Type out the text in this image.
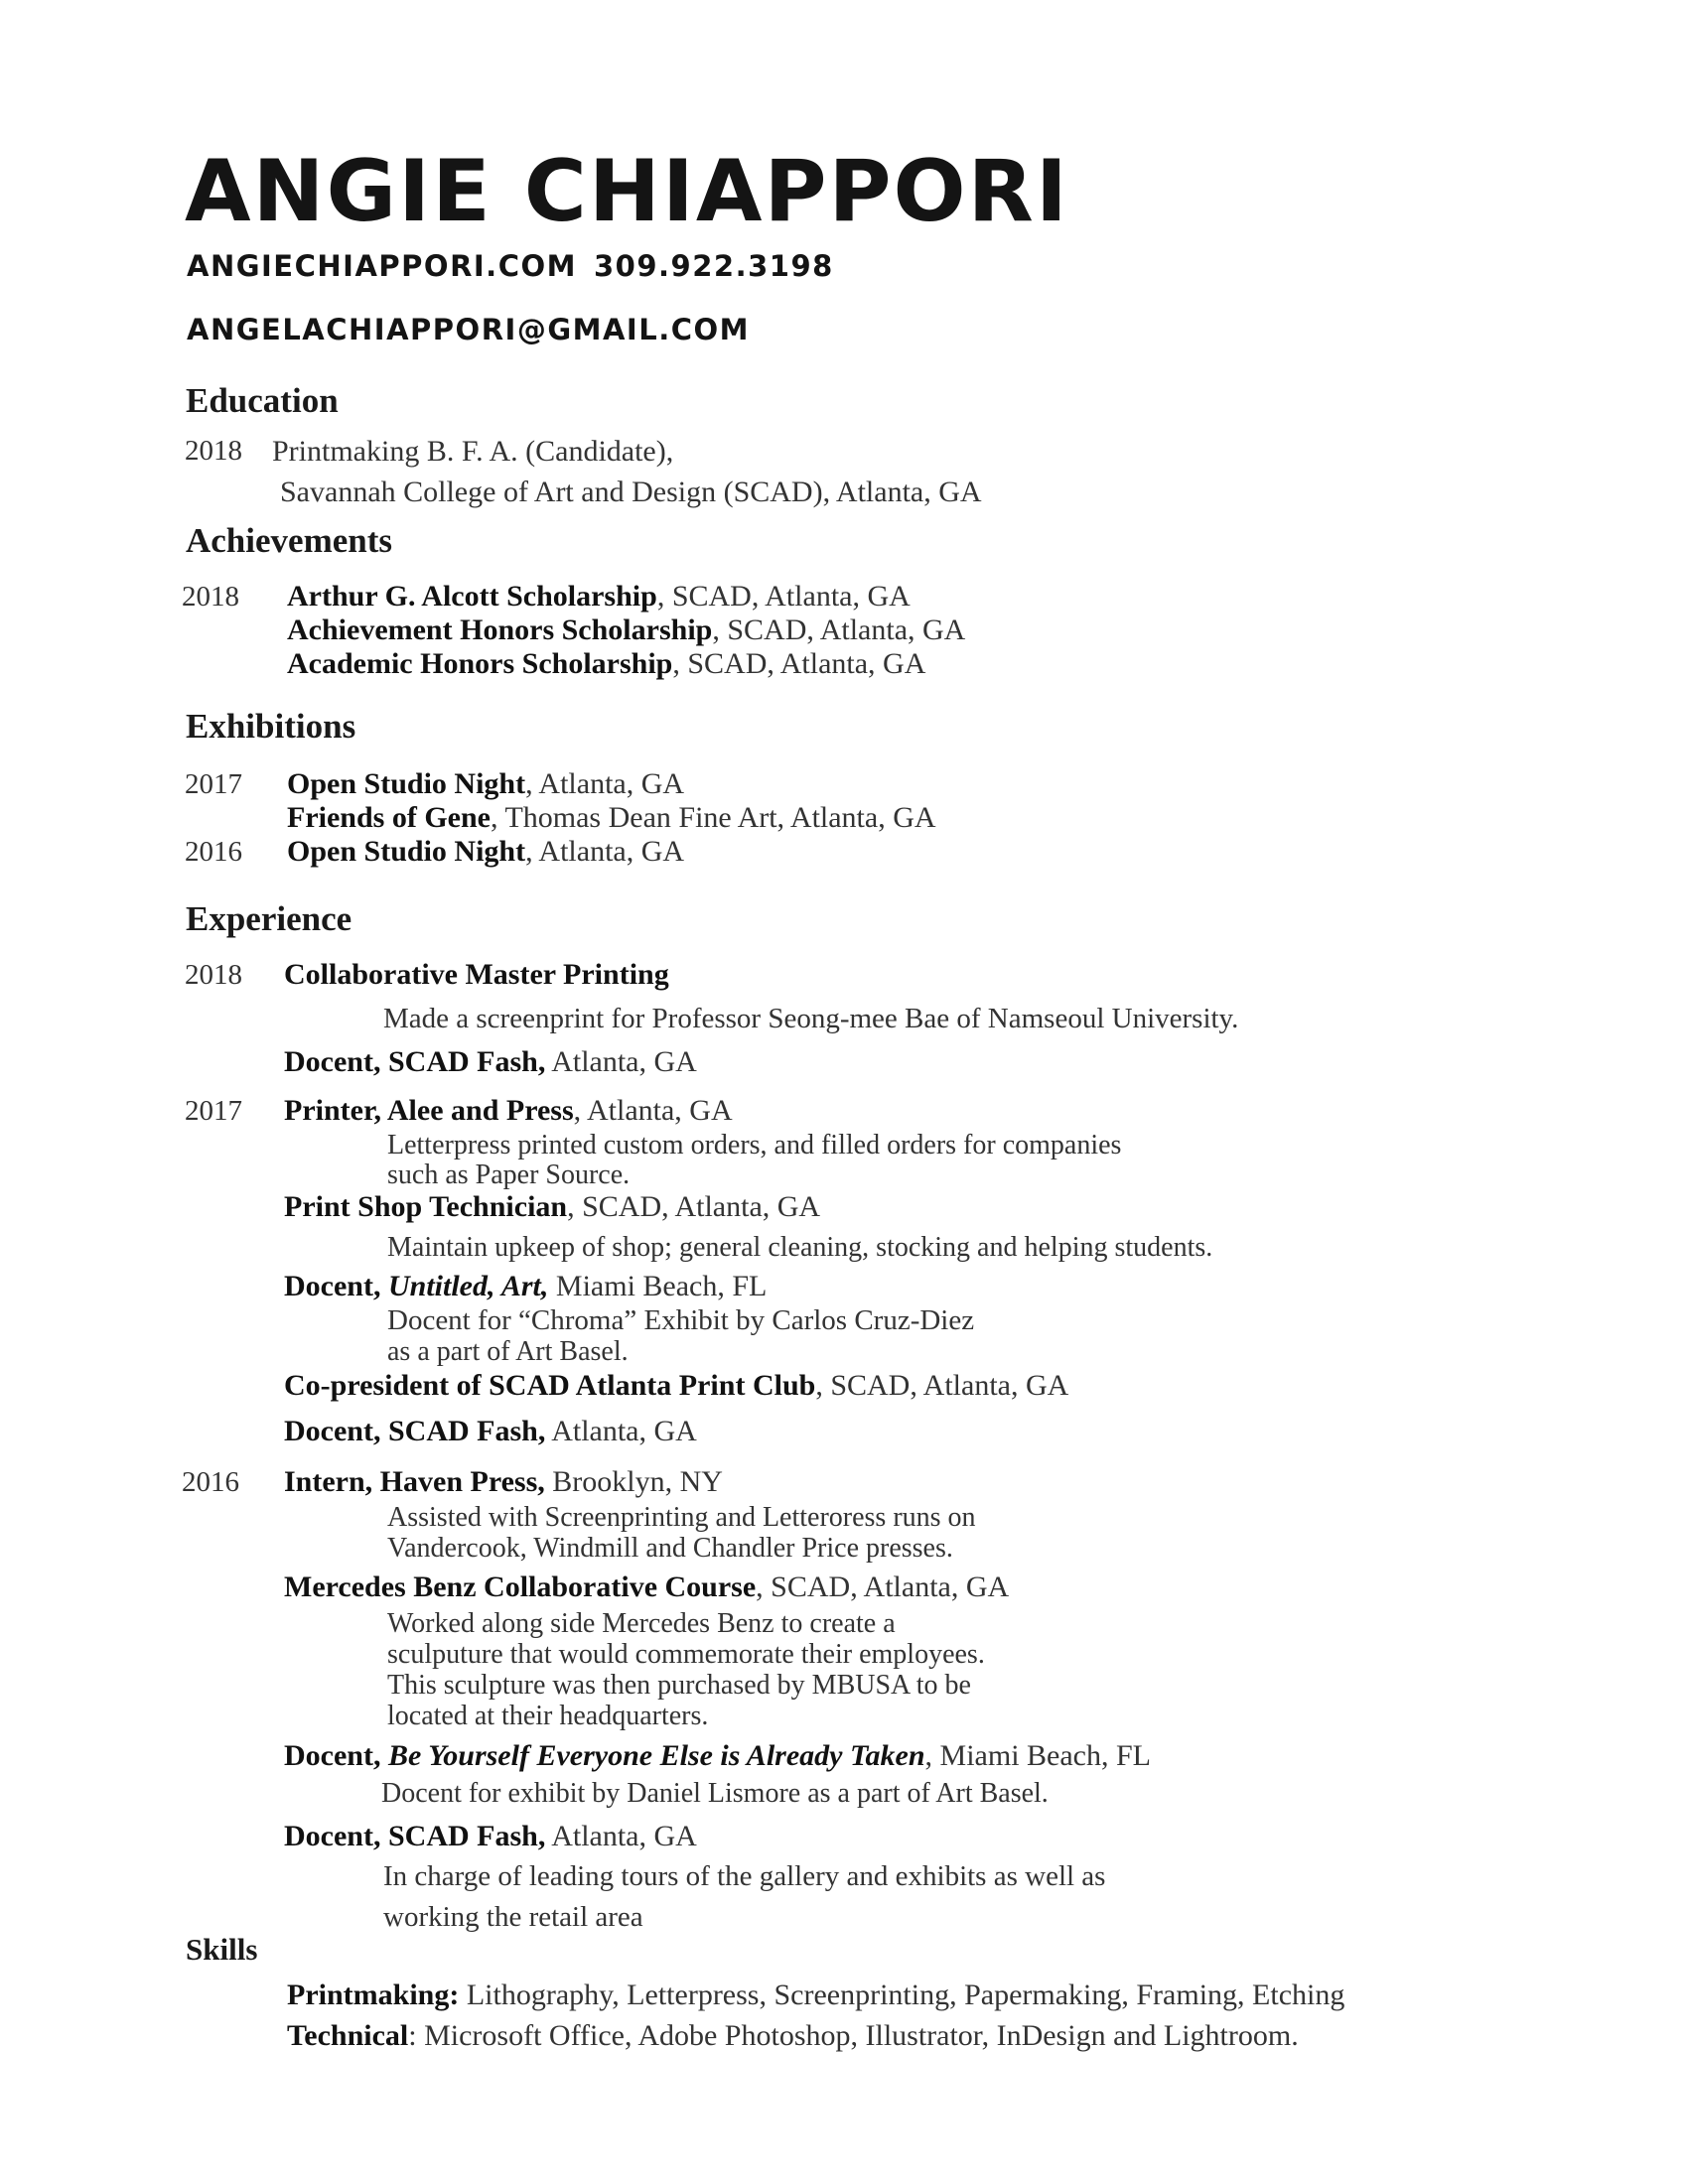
ANGIE CHIAPPORI
ANGIECHIAPPORI.COM 309.922.3198
ANGELACHIAPPORI@GMAIL.COM
Education
2018 Printmaking B. F. A. (Candidate),
Savannah College of Art and Design (SCAD), Atlanta, GA
Achievements
2018 Arthur G. Alcott Scholarship, SCAD, Atlanta, GA
Achievement Honors Scholarship, SCAD, Atlanta, GA
Academic Honors Scholarship, SCAD, Atlanta, GA
Exhibitions
2017 Open Studio Night, Atlanta, GA
Friends of Gene, Thomas Dean Fine Art, Atlanta, GA
2016 Open Studio Night, Atlanta, GA
Experience
2018 Collaborative Master Printing
Made a screenprint for Professor Seong-mee Bae of Namseoul University.
Docent, SCAD Fash, Atlanta, GA
2017 Printer, Alee and Press, Atlanta, GA
Letterpress printed custom orders, and filled orders for companies
such as Paper Source.
Print Shop Technician, SCAD, Atlanta, GA
Maintain upkeep of shop; general cleaning, stocking and helping students.
Docent, Untitled, Art, Miami Beach, FL
Docent for “Chroma” Exhibit by Carlos Cruz-Diez
as a part of Art Basel.
Co-president of SCAD Atlanta Print Club, SCAD, Atlanta, GA
Docent, SCAD Fash, Atlanta, GA
2016 Intern, Haven Press, Brooklyn, NY
Assisted with Screenprinting and Letteroress runs on
Vandercook, Windmill and Chandler Price presses.
Mercedes Benz Collaborative Course, SCAD, Atlanta, GA
Worked along side Mercedes Benz to create a
sculputure that would commemorate their employees.
This sculpture was then purchased by MBUSA to be
located at their headquarters.
Docent, Be Yourself Everyone Else is Already Taken, Miami Beach, FL
Docent for exhibit by Daniel Lismore as a part of Art Basel.
Docent, SCAD Fash, Atlanta, GA
In charge of leading tours of the gallery and exhibits as well as
working the retail area
Skills
Printmaking: Lithography, Letterpress, Screenprinting, Papermaking, Framing, Etching
Technical: Microsoft Office, Adobe Photoshop, Illustrator, InDesign and Lightroom.
